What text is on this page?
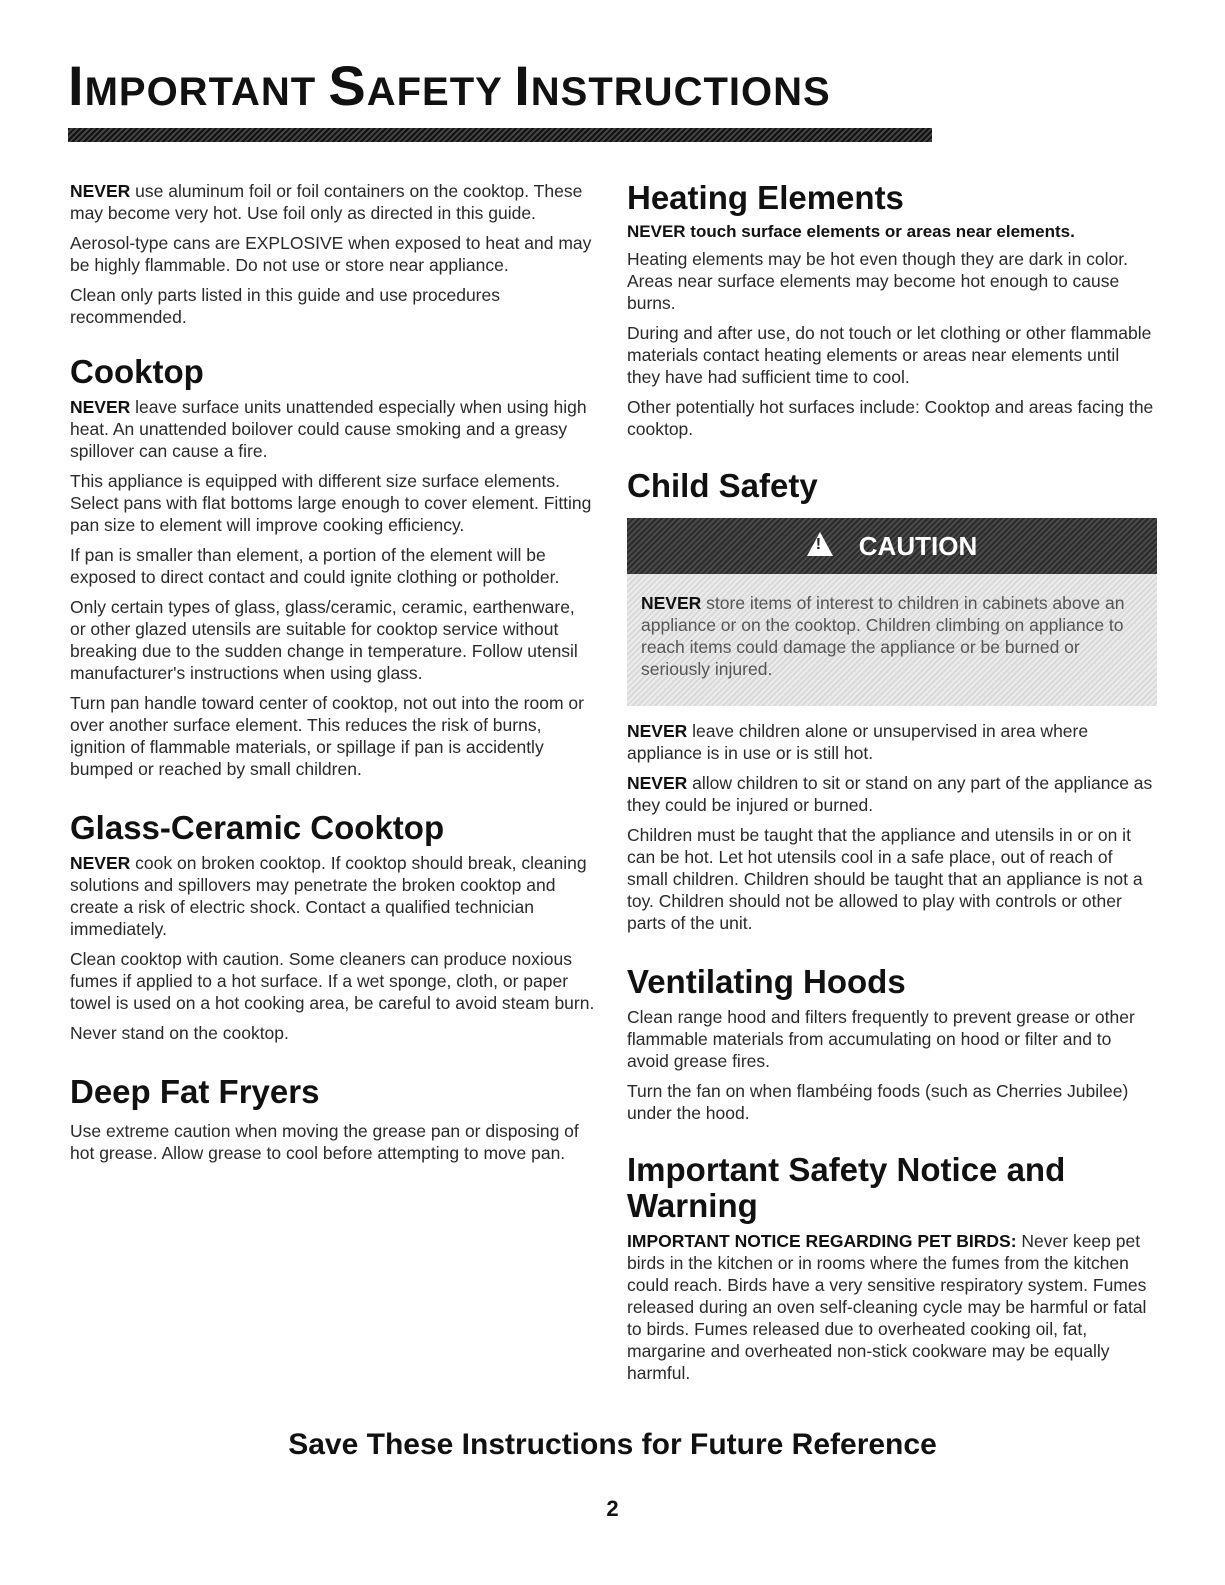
IMPORTANT SAFETY INSTRUCTIONS

NEVER use aluminum foil or foil containers on the cooktop. These may become very hot. Use foil only as directed in this guide.

Aerosol-type cans are EXPLOSIVE when exposed to heat and may be highly flammable. Do not use or store near appliance.

Clean only parts listed in this guide and use procedures recommended.

Cooktop

NEVER leave surface units unattended especially when using high heat. An unattended boilover could cause smoking and a greasy spillover can cause a fire.

This appliance is equipped with different size surface elements. Select pans with flat bottoms large enough to cover element. Fitting pan size to element will improve cooking efficiency.

If pan is smaller than element, a portion of the element will be exposed to direct contact and could ignite clothing or potholder.

Only certain types of glass, glass/ceramic, ceramic, earthenware, or other glazed utensils are suitable for cooktop service without breaking due to the sudden change in temperature. Follow utensil manufacturer's instructions when using glass.

Turn pan handle toward center of cooktop, not out into the room or over another surface element. This reduces the risk of burns, ignition of flammable materials, or spillage if pan is accidently bumped or reached by small children.

Glass-Ceramic Cooktop

NEVER cook on broken cooktop. If cooktop should break, cleaning solutions and spillovers may penetrate the broken cooktop and create a risk of electric shock. Contact a qualified technician immediately.

Clean cooktop with caution. Some cleaners can produce noxious fumes if applied to a hot surface. If a wet sponge, cloth, or paper towel is used on a hot cooking area, be careful to avoid steam burn.

Never stand on the cooktop.

Deep Fat Fryers

Use extreme caution when moving the grease pan or disposing of hot grease. Allow grease to cool before attempting to move pan.

Heating Elements
NEVER touch surface elements or areas near elements.

Heating elements may be hot even though they are dark in color. Areas near surface elements may become hot enough to cause burns.

During and after use, do not touch or let clothing or other flammable materials contact heating elements or areas near elements until they have had sufficient time to cool.

Other potentially hot surfaces include: Cooktop and areas facing the cooktop.

Child Safety
!
CAUTION

NEVER store items of interest to children in cabinets above an appliance or on the cooktop. Children climbing on appliance to reach items could damage the appliance or be burned or seriously injured.

NEVER leave children alone or unsupervised in area where appliance is in use or is still hot.

NEVER allow children to sit or stand on any part of the appliance as they could be injured or burned.

Children must be taught that the appliance and utensils in or on it can be hot. Let hot utensils cool in a safe place, out of reach of small children. Children should be taught that an appliance is not a toy. Children should not be allowed to play with controls or other parts of the unit.

Ventilating Hoods

Clean range hood and filters frequently to prevent grease or other flammable materials from accumulating on hood or filter and to avoid grease fires.

Turn the fan on when flambéing foods (such as Cherries Jubilee) under the hood.

Important Safety Notice and Warning

IMPORTANT NOTICE REGARDING PET BIRDS: Never keep pet birds in the kitchen or in rooms where the fumes from the kitchen could reach. Birds have a very sensitive respiratory system. Fumes released during an oven self-cleaning cycle may be harmful or fatal to birds. Fumes released due to overheated cooking oil, fat, margarine and overheated non-stick cookware may be equally harmful.

Save These Instructions for Future Reference
2
